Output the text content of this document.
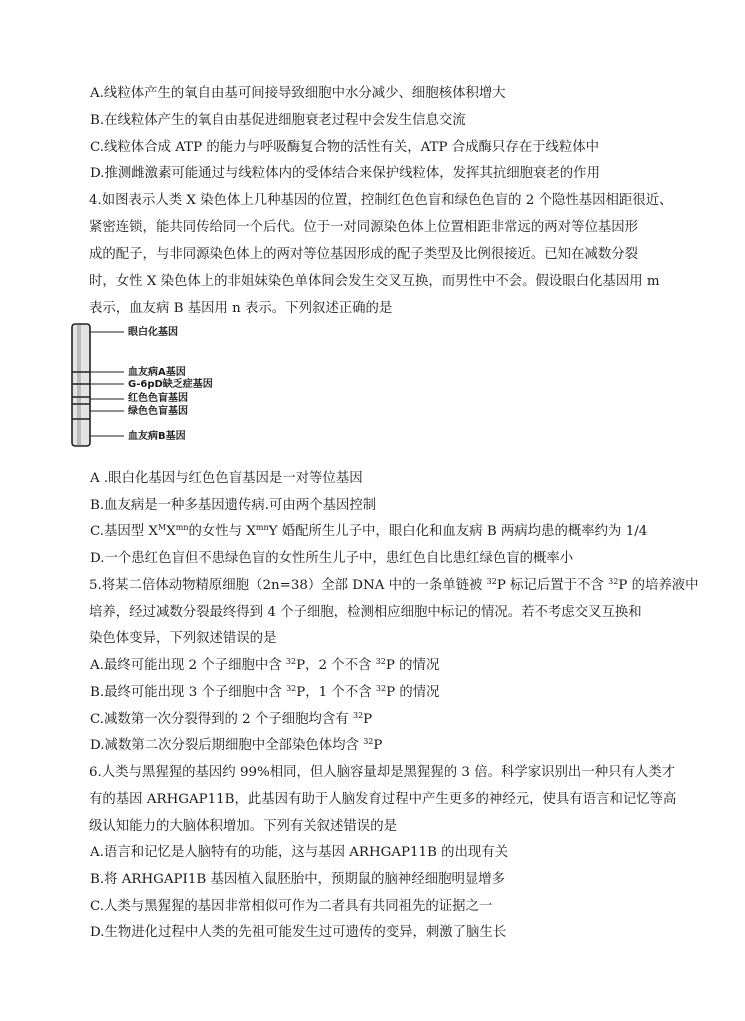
A.线粒体产生的氧自由基可间接导致细胞中水分减少、细胞核体积增大
B.在线粒体产生的氧自由基促进细胞衰老过程中会发生信息交流
C.线粒体合成 ATP 的能力与呼吸酶复合物的活性有关，ATP 合成酶只存在于线粒体中
D.推测雌激素可能通过与线粒体内的受体结合来保护线粒体，发挥其抗细胞衰老的作用
4.如图表示人类 X 染色体上几种基因的位置，控制红色色盲和绿色色盲的 2 个隐性基因相距很近、
紧密连锁，能共同传给同一个后代。位于一对同源染色体上位置相距非常远的两对等位基因形
成的配子，与非同源染色体上的两对等位基因形成的配子类型及比例很接近。已知在减数分裂
时，女性 X 染色体上的非姐妹染色单体间会发生交叉互换，而男性中不会。假设眼白化基因用 m
表示，血友病 B 基因用 n 表示。下列叙述正确的是
眼白化基因
血友病A基因
G-6pD缺乏症基因
红色色盲基因
绿色色盲基因
血友病B基因
A .眼白化基因与红色色盲基因是一对等位基因
B.血友病是一种多基因遗传病.可由两个基因控制
C.基因型 $X^MX^{mn}$的女性与 $X^{mn}Y$ 婚配所生儿子中，眼白化和血友病 B 两病均患的概率约为 1/4
D.一个患红色盲但不患绿色盲的女性所生儿子中，患红色自比患红绿色盲的概率小
5.将某二倍体动物精原细胞（2n=38）全部 DNA 中的一条单链被 $^{32}$P 标记后置于不含 $^{32}$P 的培养液中
培养，经过减数分裂最终得到 4 个子细胞，检测相应细胞中标记的情况。若不考虑交叉互换和
染色体变异，下列叙述错误的是
A.最终可能出现 2 个子细胞中含 $^{32}$P，2 个不含 $^{32}$P 的情况
B.最终可能出现 3 个子细胞中含 $^{32}$P，1 个不含 $^{32}$P 的情况
C.减数第一次分裂得到的 2 个子细胞均含有 $^{32}$P
D.减数第二次分裂后期细胞中全部染色体均含 $^{32}$P
6.人类与黑猩猩的基因约 99%相同，但人脑容量却是黑猩猩的 3 倍。科学家识别出一种只有人类才
有的基因 ARHGAP11B，此基因有助于人脑发育过程中产生更多的神经元，使具有语言和记忆等高
级认知能力的大脑体积增加。下列有关叙述错误的是
A.语言和记忆是人脑特有的功能，这与基因 ARHGAP11B 的出现有关
B.将 ARHGAPI1B 基因植入鼠胚胎中，预期鼠的脑神经细胞明显增多
C.人类与黑猩猩的基因非常相似可作为二者具有共同祖先的证据之一
D.生物进化过程中人类的先祖可能发生过可遗传的变异，刺激了脑生长
